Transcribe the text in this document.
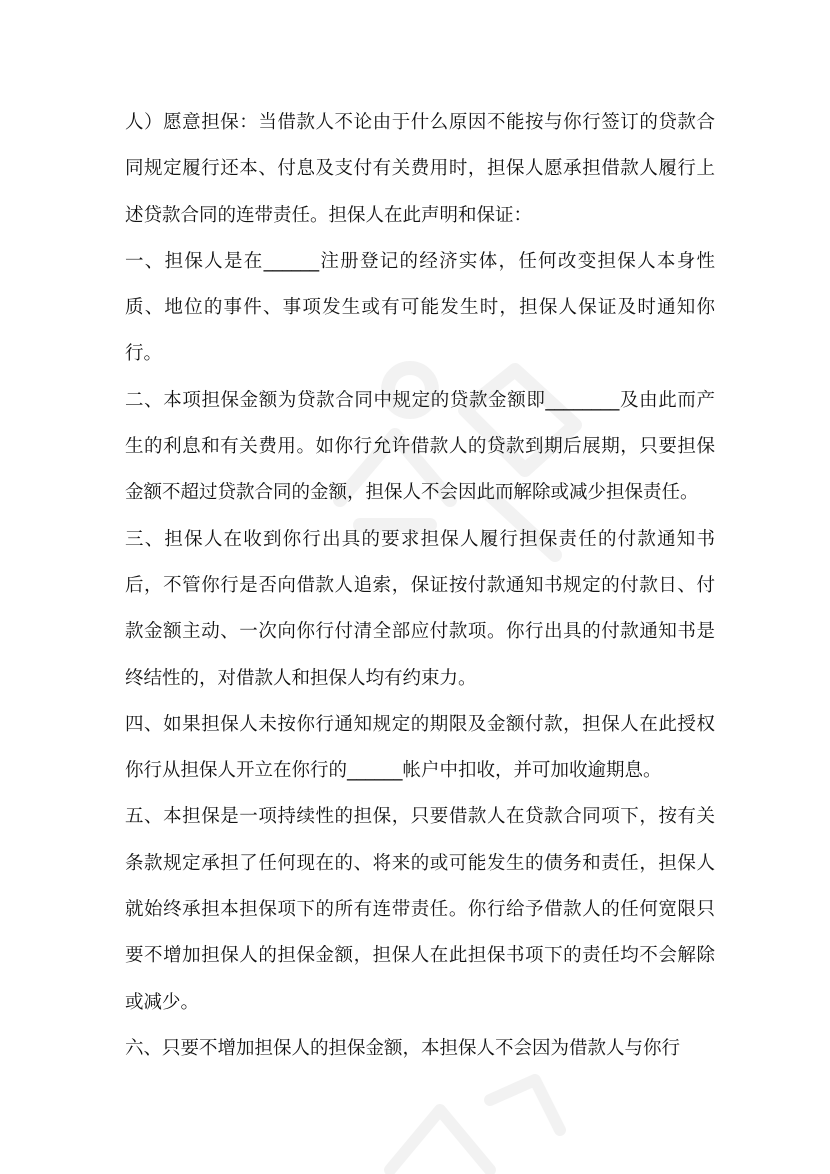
人）愿意担保：当借款人不论由于什么原因不能按与你行签订的贷款合同规定履行还本、付息及支付有关费用时，担保人愿承担借款人履行上述贷款合同的连带责任。担保人在此声明和保证：

一、担保人是在______注册登记的经济实体，任何改变担保人本身性质、地位的事件、事项发生或有可能发生时，担保人保证及时通知你行。

二、本项担保金额为贷款合同中规定的贷款金额即________及由此而产生的利息和有关费用。如你行允许借款人的贷款到期后展期，只要担保金额不超过贷款合同的金额，担保人不会因此而解除或减少担保责任。

三、担保人在收到你行出具的要求担保人履行担保责任的付款通知书后，不管你行是否向借款人追索，保证按付款通知书规定的付款日、付款金额主动、一次向你行付清全部应付款项。你行出具的付款通知书是终结性的，对借款人和担保人均有约束力。

四、如果担保人未按你行通知规定的期限及金额付款，担保人在此授权你行从担保人开立在你行的______帐户中扣收，并可加收逾期息。

五、本担保是一项持续性的担保，只要借款人在贷款合同项下，按有关条款规定承担了任何现在的、将来的或可能发生的债务和责任，担保人就始终承担本担保项下的所有连带责任。你行给予借款人的任何宽限只要不增加担保人的担保金额，担保人在此担保书项下的责任均不会解除或减少。

六、只要不增加担保人的担保金额，本担保人不会因为借款人与你行
